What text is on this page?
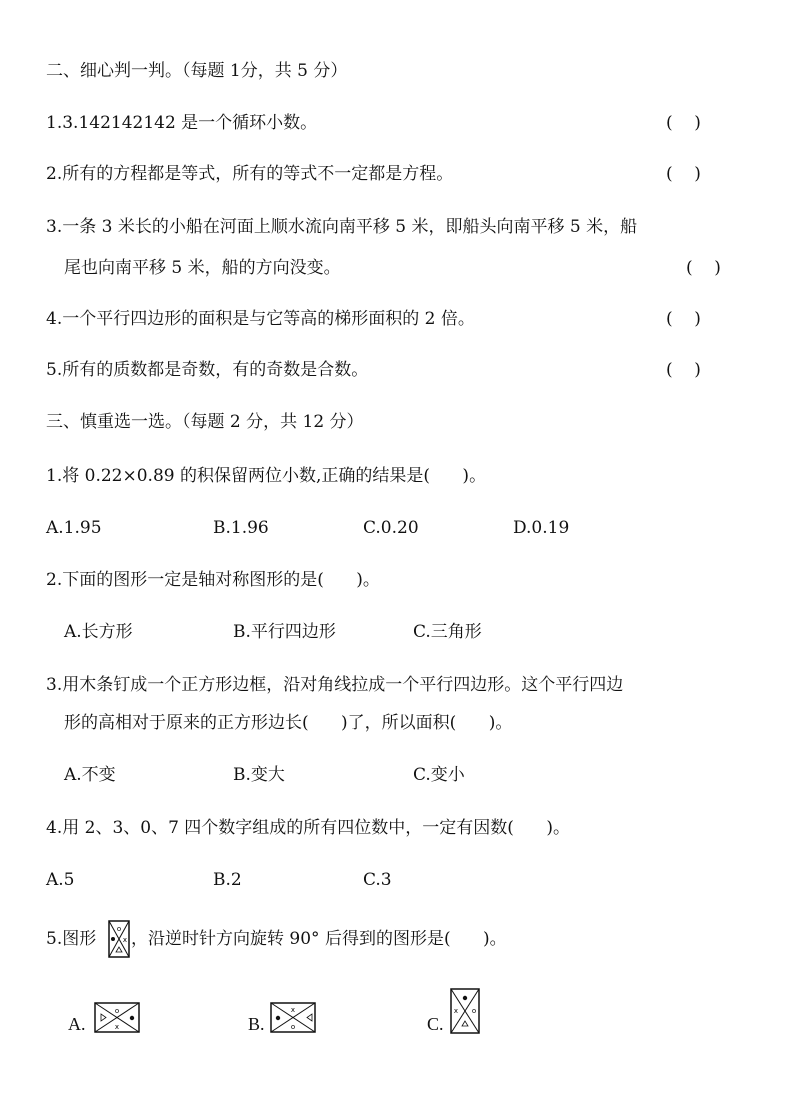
二、细心判一判。（每题 1分，共 5 分）
1.3.142142142 是一个循环小数。	(    )
2.所有的方程都是等式，所有的等式不一定都是方程。	(    )
3.一条 3 米长的小船在河面上顺水流向南平移 5 米，即船头向南平移 5 米，船
尾也向南平移 5 米，船的方向没变。	(    )
4.一个平行四边形的面积是与它等高的梯形面积的 2 倍。	(    )
5.所有的质数都是奇数，有的奇数是合数。	(    )
三、慎重选一选。（每题 2 分，共 12 分）
1.将 0.22×0.89 的积保留两位小数,正确的结果是(      )。
A.1.95	B.1.96	C.0.20	D.0.19
2.下面的图形一定是轴对称图形的是(      )。
A.长方形	B.平行四边形	C.三角形
3.用木条钉成一个正方形边框，沿对角线拉成一个平行四边形。这个平行四边
形的高相对于原来的正方形边长(      )了，所以面积(      )。
A.不变	B.变大	C.变小
4.用 2、3、0、7 四个数字组成的所有四位数中，一定有因数(      )。
A.5	B.2	C.3
5.图形	o
x ，沿逆时针方向旋转 90° 后得到的图形是(      )。
A.
o
x	B.
x
o	C.
x o
